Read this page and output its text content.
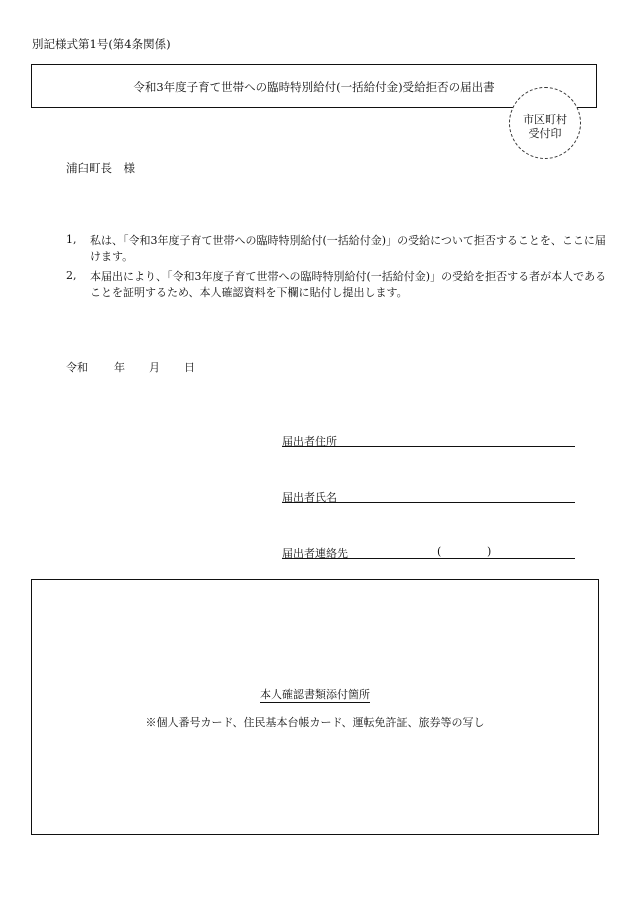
別記様式第1号(第4条関係)
令和3年度子育て世帯への臨時特別給付(一括給付金)受給拒否の届出書
市区町村
受付印
浦臼町長　様
1, 私は、「令和3年度子育て世帯への臨時特別給付(一括給付金)」の受給について拒否することを、ここに届けます。
2, 本届出により、「令和3年度子育て世帯への臨時特別給付(一括給付金)」の受給を拒否する者が本人であることを証明するため、本人確認資料を下欄に貼付し提出します。
令和 年 月 日
届出者住所
届出者氏名
届出者連絡先	(	)
本人確認書類添付箇所
※個人番号カード、住民基本台帳カード、運転免許証、旅券等の写し
